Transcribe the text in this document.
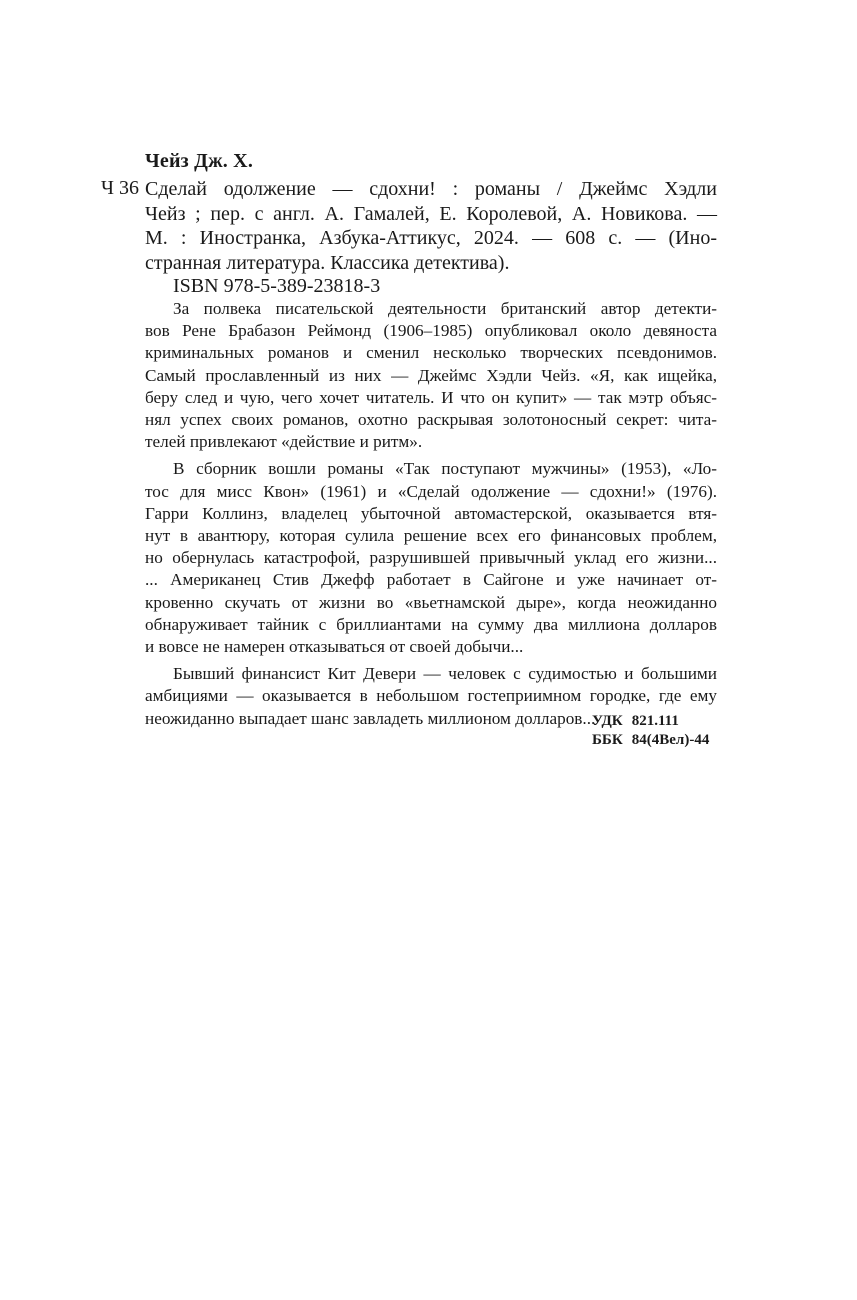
Чейз Дж. Х.
Ч 36 Сделай одолжение — сдохни! : романы / Джеймс Хэдли
Чейз ; пер. с англ. А. Гамалей, Е. Королевой, А. Новикова. —
М. : Иностранка, Азбука-Аттикус, 2024. — 608 с. — (Ино-
странная литература. Классика детектива).
ISBN 978-5-389-23818-3
За полвека писательской деятельности британский автор детекти-
вов Рене Брабазон Реймонд (1906–1985) опубликовал около девяноста
криминальных романов и сменил несколько творческих псевдонимов.
Самый прославленный из них — Джеймс Хэдли Чейз. «Я, как ищейка,
беру след и чую, чего хочет читатель. И что он купит» — так мэтр объяс-
нял успех своих романов, охотно раскрывая золотоносный секрет: чита-
телей привлекают «действие и ритм».
В сборник вошли романы «Так поступают мужчины» (1953), «Ло-
тос для мисс Квон» (1961) и «Сделай одолжение — сдохни!» (1976).
Гарри Коллинз, владелец убыточной автомастерской, оказывается втя-
нут в авантюру, которая сулила решение всех его финансовых проблем,
но обернулась катастрофой, разрушившей привычный уклад его жизни...
... Американец Стив Джефф работает в Сайгоне и уже начинает от-
кровенно скучать от жизни во «вьетнамской дыре», когда неожиданно
обнаруживает тайник с бриллиантами на сумму два миллиона долларов
и вовсе не намерен отказываться от своей добычи...
Бывший финансист Кит Девери — человек с судимостью и большими
амбициями — оказывается в небольшом гостеприимном городке, где ему
неожиданно выпадает шанс завладеть миллионом долларов...
УДК 821.111
ББК 84(4Вел)-44
